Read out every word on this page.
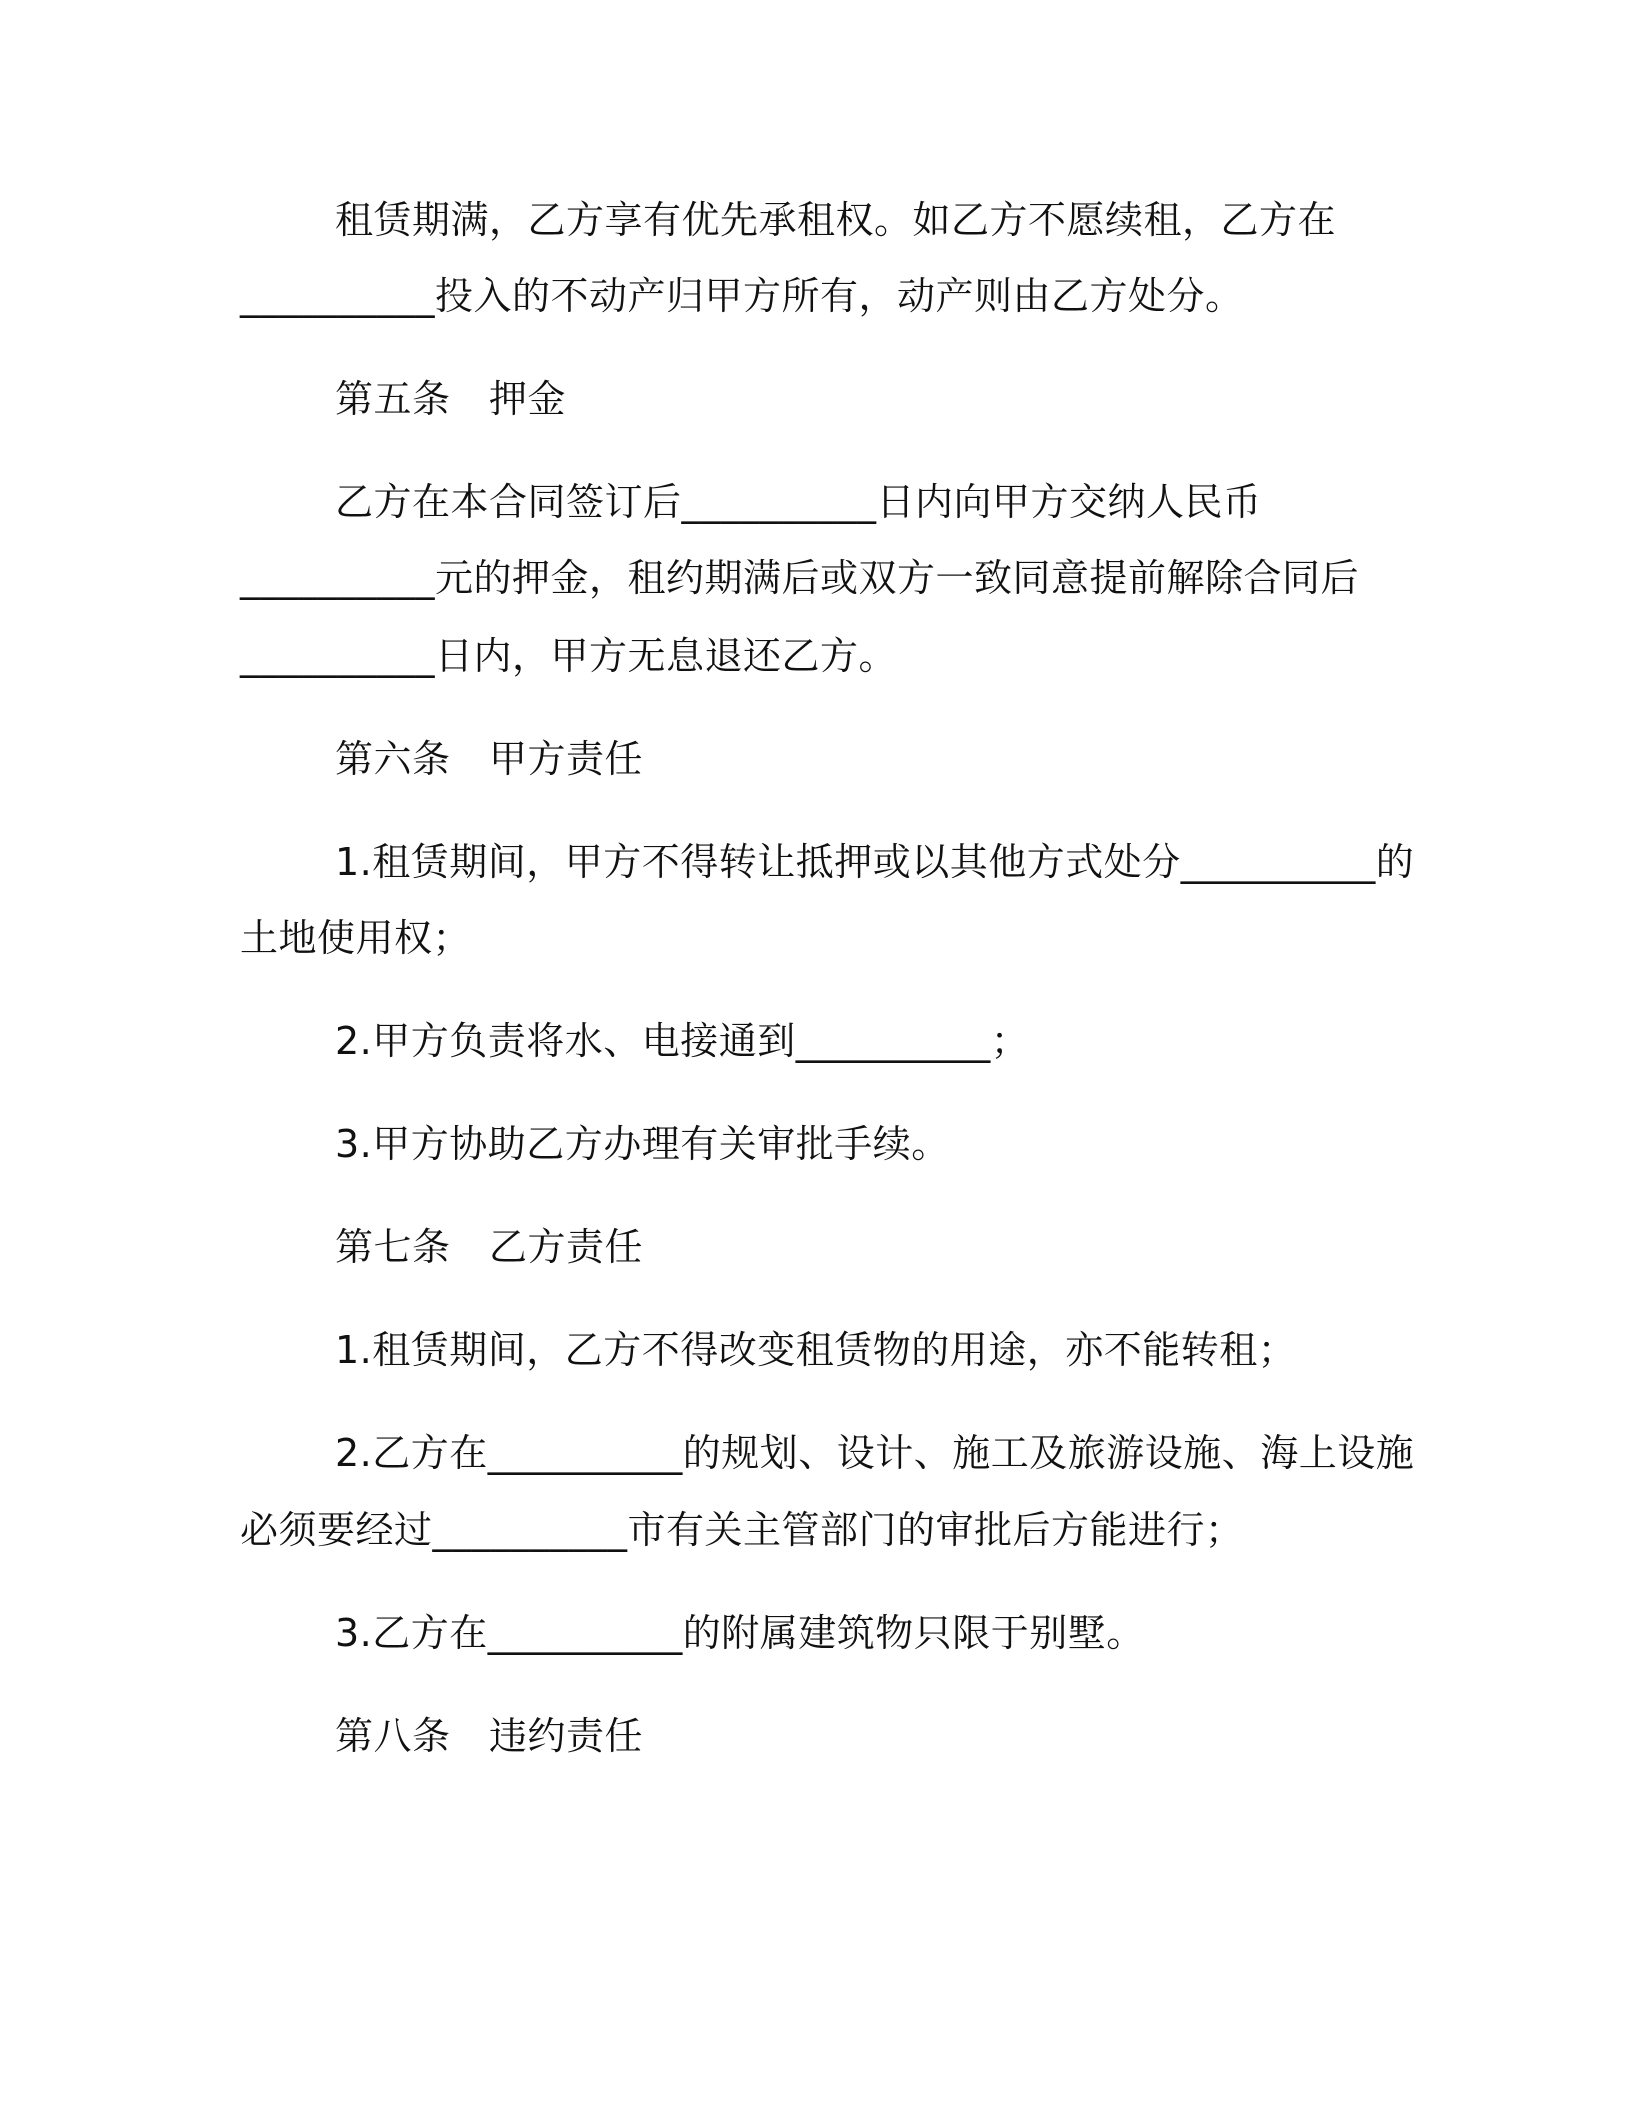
租赁期满，乙方享有优先承租权。如乙方不愿续租，乙方在
__________投入的不动产归甲方所有，动产则由乙方处分。
第五条　押金
乙方在本合同签订后__________日内向甲方交纳人民币
__________元的押金，租约期满后或双方一致同意提前解除合同后
__________日内，甲方无息退还乙方。
第六条　甲方责任
1.租赁期间，甲方不得转让抵押或以其他方式处分__________的
土地使用权；
2.甲方负责将水、电接通到__________；
3.甲方协助乙方办理有关审批手续。
第七条　乙方责任
1.租赁期间，乙方不得改变租赁物的用途，亦不能转租；
2.乙方在__________的规划、设计、施工及旅游设施、海上设施
必须要经过__________市有关主管部门的审批后方能进行；
3.乙方在__________的附属建筑物只限于别墅。
第八条　违约责任
